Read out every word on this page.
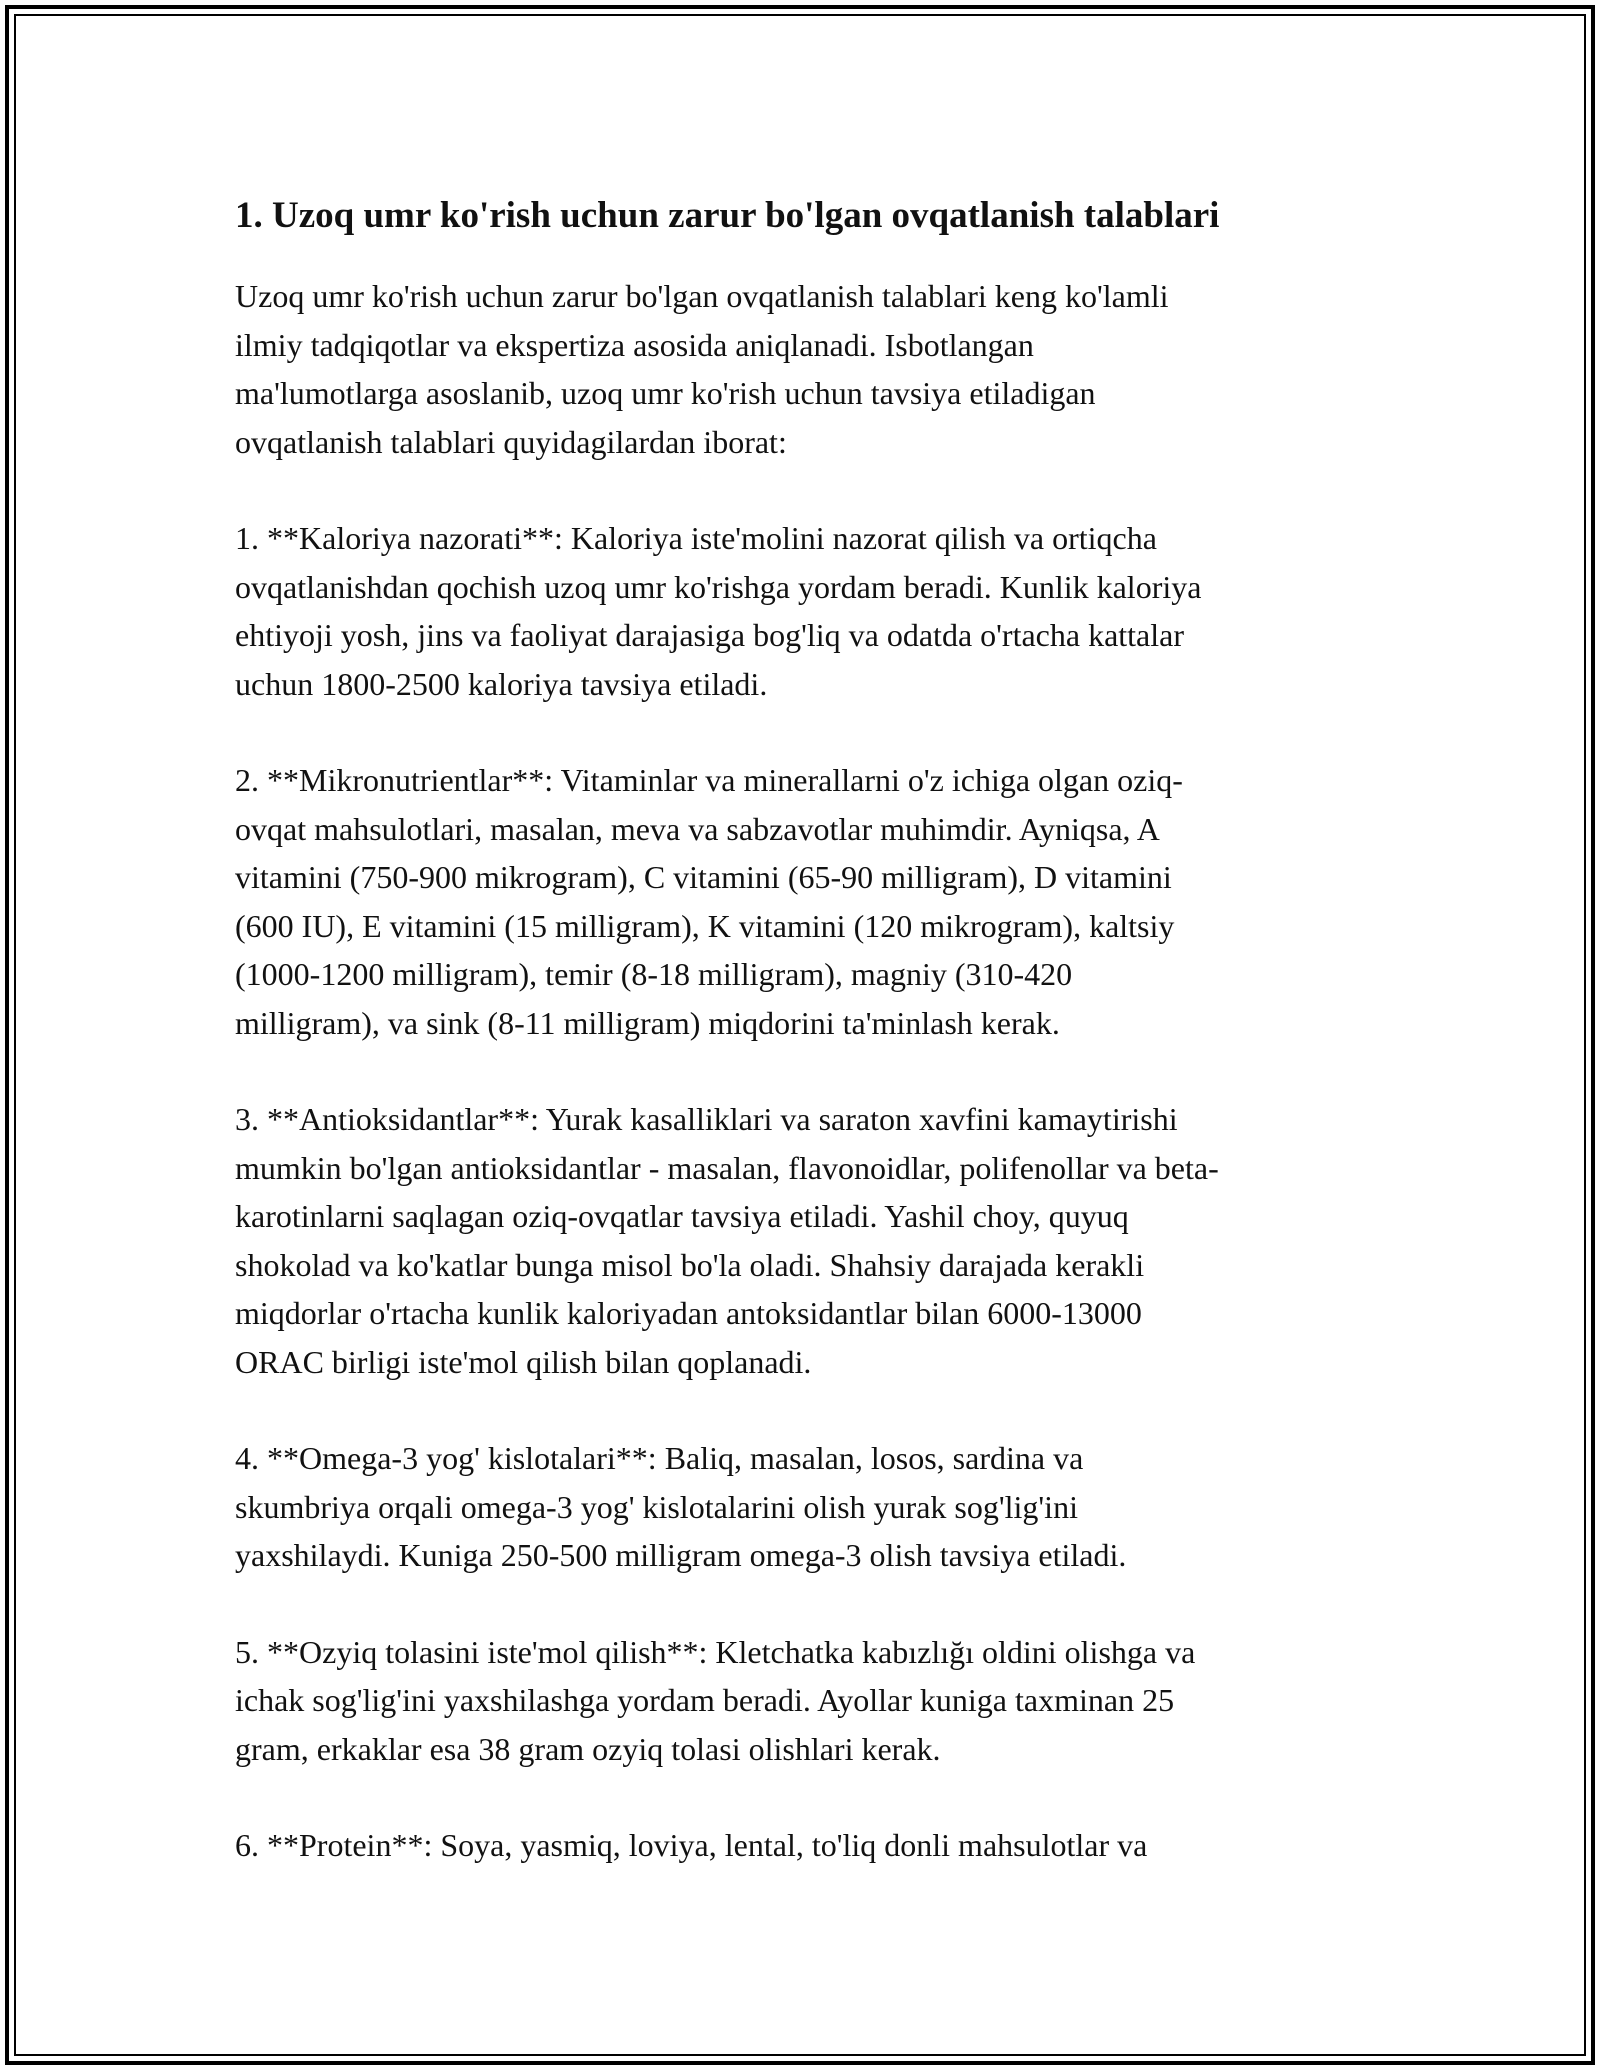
1. Uzoq umr ko'rish uchun zarur bo'lgan ovqatlanish talablari

Uzoq umr ko'rish uchun zarur bo'lgan ovqatlanish talablari keng ko'lamli
ilmiy tadqiqotlar va ekspertiza asosida aniqlanadi. Isbotlangan
ma'lumotlarga asoslanib, uzoq umr ko'rish uchun tavsiya etiladigan
ovqatlanish talablari quyidagilardan iborat:

1. **Kaloriya nazorati**: Kaloriya iste'molini nazorat qilish va ortiqcha
ovqatlanishdan qochish uzoq umr ko'rishga yordam beradi. Kunlik kaloriya
ehtiyoji yosh, jins va faoliyat darajasiga bog'liq va odatda o'rtacha kattalar
uchun 1800-2500 kaloriya tavsiya etiladi.

2. **Mikronutrientlar**: Vitaminlar va minerallarni o'z ichiga olgan oziq-
ovqat mahsulotlari, masalan, meva va sabzavotlar muhimdir. Ayniqsa, A
vitamini (750-900 mikrogram), C vitamini (65-90 milligram), D vitamini
(600 IU), E vitamini (15 milligram), K vitamini (120 mikrogram), kaltsiy
(1000-1200 milligram), temir (8-18 milligram), magniy (310-420
milligram), va sink (8-11 milligram) miqdorini ta'minlash kerak.

3. **Antioksidantlar**: Yurak kasalliklari va saraton xavfini kamaytirishi
mumkin bo'lgan antioksidantlar - masalan, flavonoidlar, polifenollar va beta-
karotinlarni saqlagan oziq-ovqatlar tavsiya etiladi. Yashil choy, quyuq
shokolad va ko'katlar bunga misol bo'la oladi. Shahsiy darajada kerakli
miqdorlar o'rtacha kunlik kaloriyadan antoksidantlar bilan 6000-13000
ORAC birligi iste'mol qilish bilan qoplanadi.

4. **Omega-3 yog' kislotalari**: Baliq, masalan, losos, sardina va
skumbriya orqali omega-3 yog' kislotalarini olish yurak sog'lig'ini
yaxshilaydi. Kuniga 250-500 milligram omega-3 olish tavsiya etiladi.

5. **Ozyiq tolasini iste'mol qilish**: Kletchatka kabızlığı oldini olishga va
ichak sog'lig'ini yaxshilashga yordam beradi. Ayollar kuniga taxminan 25
gram, erkaklar esa 38 gram ozyiq tolasi olishlari kerak.

6. **Protein**: Soya, yasmiq, loviya, lental, to'liq donli mahsulotlar va
